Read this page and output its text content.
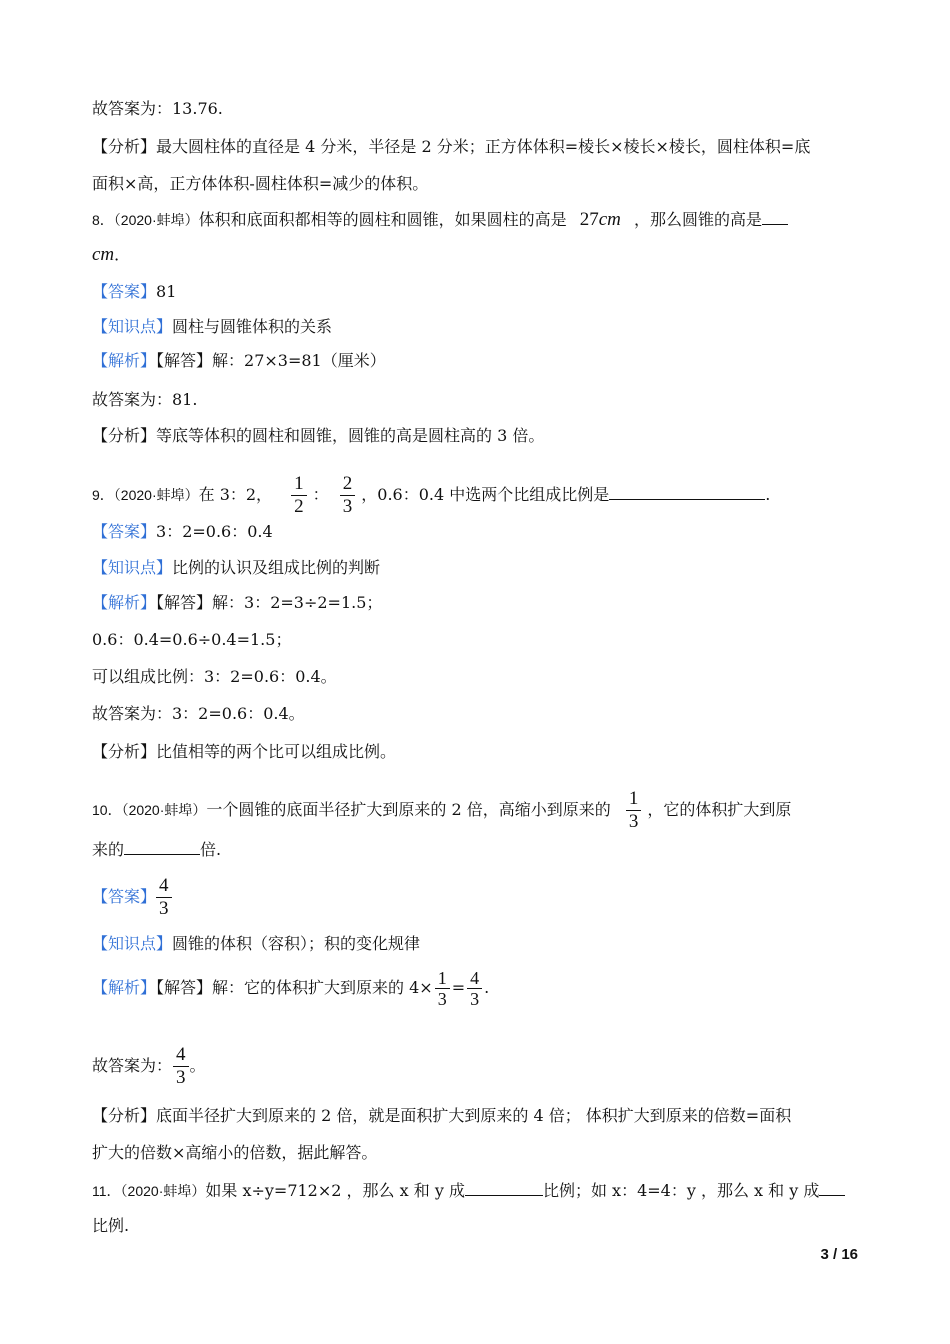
故答案为：13.76.
【分析】最大圆柱体的直径是 4 分米，半径是 2 分米；正方体体积=棱长×棱长×棱长，圆柱体积=底
面积×高，正方体体积-圆柱体积=减少的体积。
8．（2020·蚌埠）体积和底面积都相等的圆柱和圆锥，如果圆柱的高是 27cm ，那么圆锥的高是
cm．
【答案】81
【知识点】圆柱与圆锥体积的关系
【解析】【解答】解：27×3=81（厘米）
故答案为：81.
【分析】等底等体积的圆柱和圆锥，圆锥的高是圆柱高的 3 倍。
9．（2020·蚌埠）在 3：2， $\frac{1}{2}$ ： $\frac{2}{3}$ ，0.6：0.4 中选两个比组成比例是	.
【答案】3：2=0.6：0.4
【知识点】比例的认识及组成比例的判断
【解析】【解答】解：3：2=3÷2=1.5；
0.6：0.4=0.6÷0.4=1.5；
可以组成比例：3：2=0.6：0.4。
故答案为：3：2=0.6：0.4。
【分析】比值相等的两个比可以组成比例。
10．（2020·蚌埠）一个圆锥的底面半径扩大到原来的 2 倍，高缩小到原来的 $\frac{1}{3}$ ，它的体积扩大到原
来的	倍.
【答案】 $\frac{4}{3}$
【知识点】圆锥的体积（容积）；积的变化规律
【解析】【解答】解：它的体积扩大到原来的 $4\times \frac{1}{3} = \frac{4}{3}$ .
故答案为： $\frac{4}{3}$ 。
【分析】底面半径扩大到原来的 2 倍，就是面积扩大到原来的 4 倍； 体积扩大到原来的倍数=面积
扩大的倍数×高缩小的倍数，据此解答。
11．（2020·蚌埠）如果 x÷y=712×2 ，那么 x 和 y 成	比例；如 x：4=4：y ，那么 x 和 y 成
比例.
3 / 16
